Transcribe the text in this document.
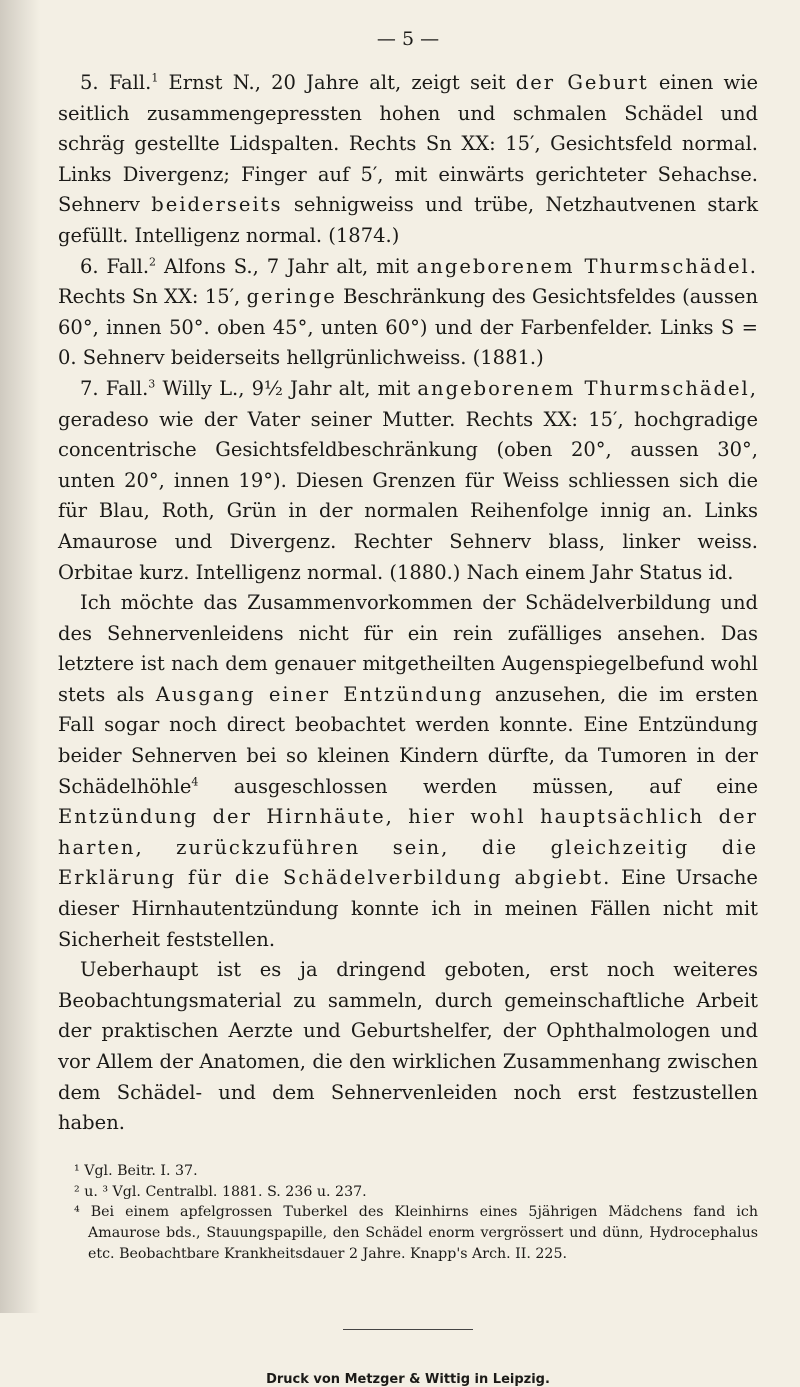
— 5 —

5. Fall.$^1$ Ernst N., 20 Jahre alt, zeigt seit der Geburt einen wie seitlich zusammengepressten hohen und schmalen Schädel und schräg gestellte Lidspalten. Rechts Sn XX: 15′, Gesichtsfeld normal. Links Divergenz; Finger auf 5′, mit einwärts gerichteter Sehachse. Sehnerv beiderseits sehnigweiss und trübe, Netzhautvenen stark gefüllt. Intelligenz normal. (1874.)

6. Fall.$^2$ Alfons S., 7 Jahr alt, mit angeborenem Thurmschädel. Rechts Sn XX: 15′, geringe Beschränkung des Gesichtsfeldes (aussen 60°, innen 50°. oben 45°, unten 60°) und der Farbenfelder. Links S = 0. Sehnerv beiderseits hellgrünlichweiss. (1881.)

7. Fall.$^3$ Willy L., 9½ Jahr alt, mit angeborenem Thurmschädel, geradeso wie der Vater seiner Mutter. Rechts XX: 15′, hochgradige concentrische Gesichtsfeldbeschränkung (oben 20°, aussen 30°, unten 20°, innen 19°). Diesen Grenzen für Weiss schliessen sich die für Blau, Roth, Grün in der normalen Reihenfolge innig an. Links Amaurose und Divergenz. Rechter Sehnerv blass, linker weiss. Orbitae kurz. Intelligenz normal. (1880.) Nach einem Jahr Status id.

Ich möchte das Zusammenvorkommen der Schädelverbildung und des Sehnervenleidens nicht für ein rein zufälliges ansehen. Das letztere ist nach dem genauer mitgetheilten Augenspiegelbefund wohl stets als Ausgang einer Entzündung anzusehen, die im ersten Fall sogar noch direct beobachtet werden konnte. Eine Entzündung beider Sehnerven bei so kleinen Kindern dürfte, da Tumoren in der Schädelhöhle$^4$ ausgeschlossen werden müssen, auf eine Entzündung der Hirnhäute, hier wohl hauptsächlich der harten, zurückzuführen sein, die gleichzeitig die Erklärung für die Schädelverbildung abgiebt. Eine Ursache dieser Hirnhautentzündung konnte ich in meinen Fällen nicht mit Sicherheit feststellen.

Ueberhaupt ist es ja dringend geboten, erst noch weiteres Beobachtungsmaterial zu sammeln, durch gemeinschaftliche Arbeit der praktischen Aerzte und Geburtshelfer, der Ophthalmologen und vor Allem der Anatomen, die den wirklichen Zusammenhang zwischen dem Schädel- und dem Sehnervenleiden noch erst festzustellen haben.

¹ Vgl. Beitr. I. 37.

² u. ³ Vgl. Centralbl. 1881. S. 236 u. 237.

⁴ Bei einem apfelgrossen Tuberkel des Kleinhirns eines 5jährigen Mädchens fand ich Amaurose bds., Stauungspapille, den Schädel enorm vergrössert und dünn, Hydrocephalus etc. Beobachtbare Krankheitsdauer 2 Jahre. Knapp's Arch. II. 225.

Druck von Metzger & Wittig in Leipzig.
